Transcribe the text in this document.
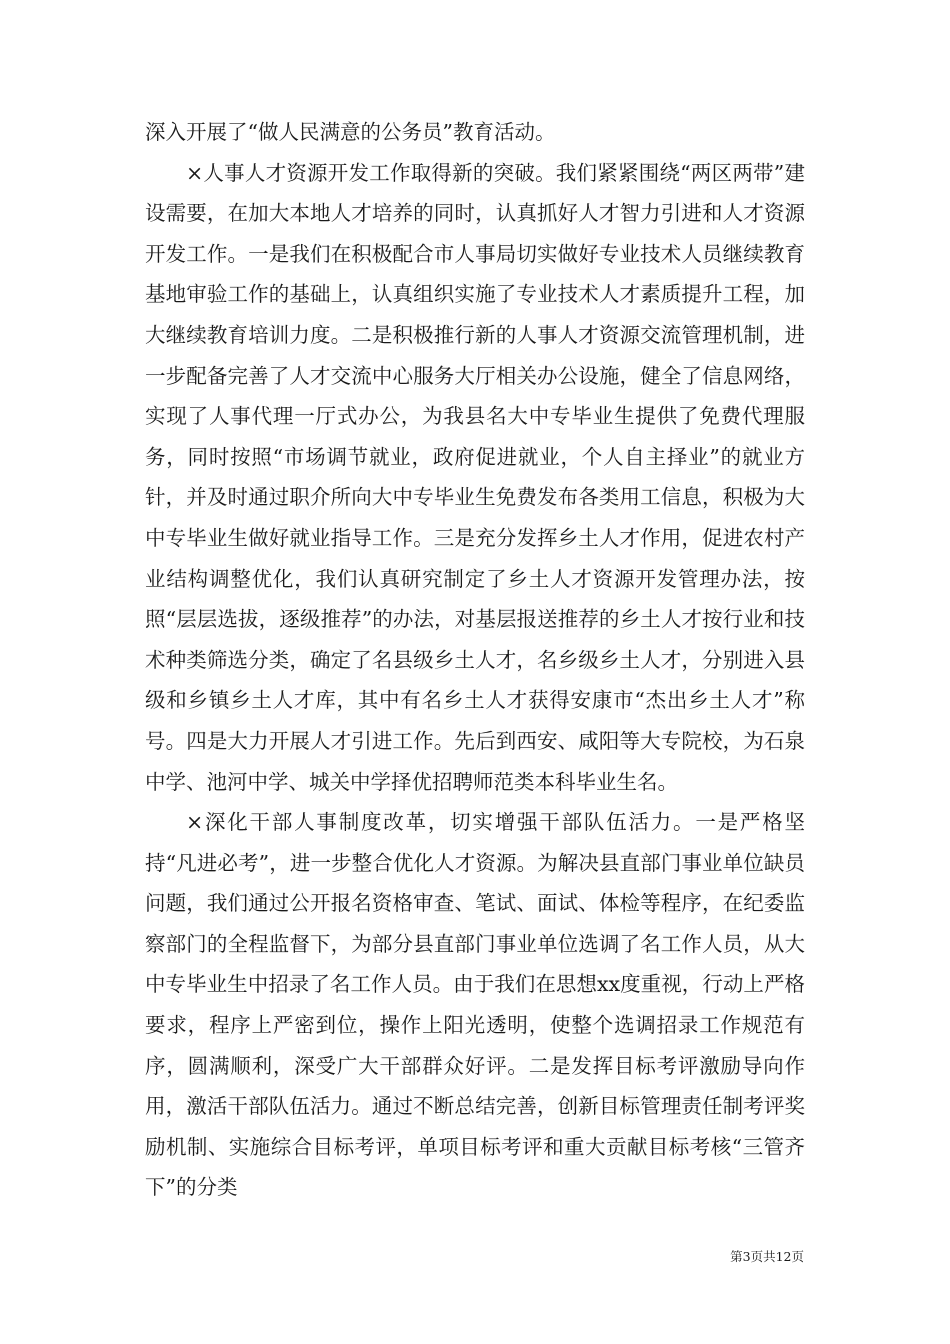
深入开展了“做人民满意的公务员”教育活动。

×人事人才资源开发工作取得新的突破。我们紧紧围绕“两区两带”建设需要，在加大本地人才培养的同时，认真抓好人才智力引进和人才资源开发工作。一是我们在积极配合市人事局切实做好专业技术人员继续教育基地审验工作的基础上，认真组织实施了专业技术人才素质提升工程，加大继续教育培训力度。二是积极推行新的人事人才资源交流管理机制，进一步配备完善了人才交流中心服务大厅相关办公设施，健全了信息网络，实现了人事代理一厅式办公，为我县名大中专毕业生提供了免费代理服务，同时按照“市场调节就业，政府促进就业，个人自主择业”的就业方针，并及时通过职介所向大中专毕业生免费发布各类用工信息，积极为大中专毕业生做好就业指导工作。三是充分发挥乡土人才作用，促进农村产业结构调整优化，我们认真研究制定了乡土人才资源开发管理办法，按照“层层选拔，逐级推荐”的办法，对基层报送推荐的乡土人才按行业和技术种类筛选分类，确定了名县级乡土人才，名乡级乡土人才，分别进入县级和乡镇乡土人才库，其中有名乡土人才获得安康市“杰出乡土人才”称号。四是大力开展人才引进工作。先后到西安、咸阳等大专院校，为石泉中学、池河中学、城关中学择优招聘师范类本科毕业生名。

×深化干部人事制度改革，切实增强干部队伍活力。一是严格坚持“凡进必考”，进一步整合优化人才资源。为解决县直部门事业单位缺员问题，我们通过公开报名资格审查、笔试、面试、体检等程序，在纪委监察部门的全程监督下，为部分县直部门事业单位选调了名工作人员，从大中专毕业生中招录了名工作人员。由于我们在思想xx度重视，行动上严格要求，程序上严密到位，操作上阳光透明，使整个选调招录工作规范有序，圆满顺利，深受广大干部群众好评。二是发挥目标考评激励导向作用，激活干部队伍活力。通过不断总结完善，创新目标管理责任制考评奖励机制、实施综合目标考评，单项目标考评和重大贡献目标考核“三管齐下”的分类

第3页共12页
